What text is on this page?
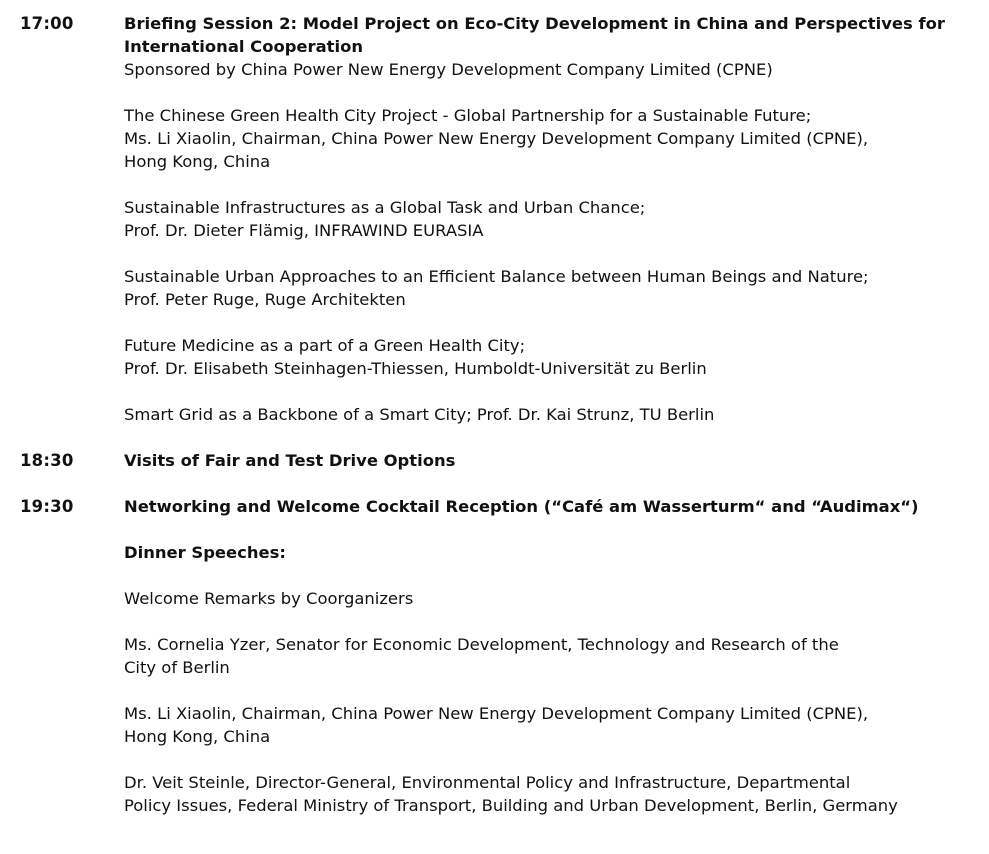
17:00	Briefing Session 2: Model Project on Eco-City Development in China and Perspectives for

International Cooperation

Sponsored by China Power New Energy Development Company Limited (CPNE)

The Chinese Green Health City Project - Global Partnership for a Sustainable Future;

Ms. Li Xiaolin, Chairman, China Power New Energy Development Company Limited (CPNE),

Hong Kong, China

Sustainable Infrastructures as a Global Task and Urban Chance;

Prof. Dr. Dieter Flämig, INFRAWIND EURASIA

Sustainable Urban Approaches to an Efficient Balance between Human Beings and Nature;

Prof. Peter Ruge, Ruge Architekten

Future Medicine as a part of a Green Health City;

Prof. Dr. Elisabeth Steinhagen-Thiessen, Humboldt-Universität zu Berlin

Smart Grid as a Backbone of a Smart City; Prof. Dr. Kai Strunz, TU Berlin

18:30	Visits of Fair and Test Drive Options

19:30	Networking and Welcome Cocktail Reception (“Café am Wasserturm“ and “Audimax“)

Dinner Speeches:

Welcome Remarks by Coorganizers

Ms. Cornelia Yzer, Senator for Economic Development, Technology and Research of the

City of Berlin

Ms. Li Xiaolin, Chairman, China Power New Energy Development Company Limited (CPNE),

Hong Kong, China

Dr. Veit Steinle, Director-General, Environmental Policy and Infrastructure, Departmental

Policy Issues, Federal Ministry of Transport, Building and Urban Development, Berlin, Germany
